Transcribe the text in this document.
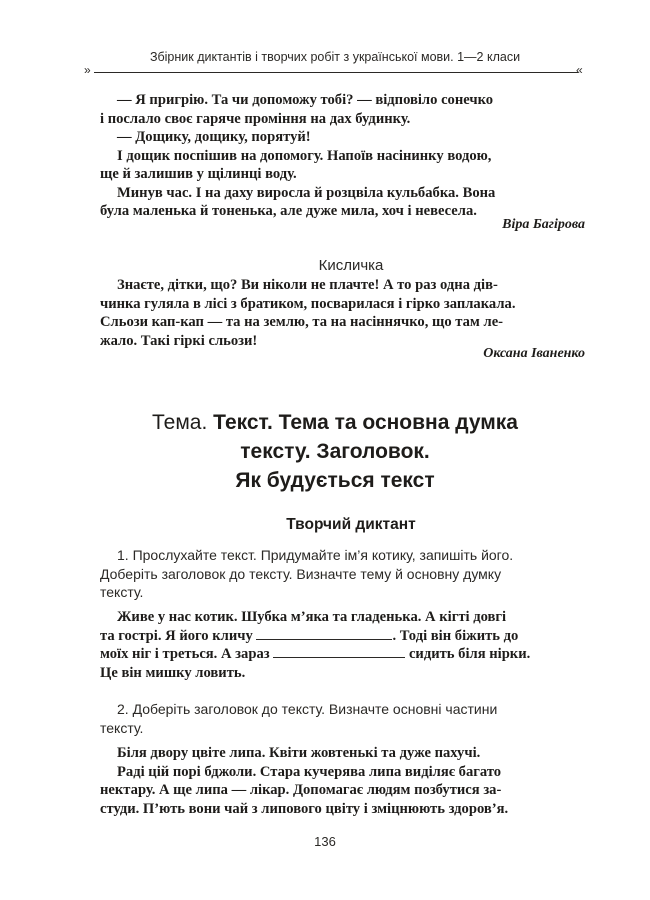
Збірник диктантів і творчих робіт з української мови. 1—2 класи
»	«
— Я пригрію. Та чи допоможу тобі? — відповіло сонечко
і послало своє гаряче проміння на дах будинку.
— Дощику, дощику, порятуй!
І дощик поспішив на допомогу. Напоїв насінинку водою,
ще й залишив у щілинці воду.
Минув час. І на даху виросла й розцвіла кульбабка. Вона
була маленька й тоненька, але дуже мила, хоч і невесела.

Віра Багірова

Кисличка

Знаєте, дітки, що? Ви ніколи не плачте! А то раз одна дів-
чинка гуляла в лісі з братиком, посварилася і гірко заплакала.
Сльози кап-кап — та на землю, та на насіннячко, що там ле-
жало. Такі гіркі сльози!

Оксана Іваненко

Тема. Текст. Тема та основна думка
тексту. Заголовок.
Як будується текст
Творчий диктант
1. Прослухайте текст. Придумайте ім’я котику, запишіть його.
Доберіть заголовок до тексту. Визначте тему й основну думку
тексту.
Живе у нас котик. Шубка м’яка та гладенька. А кігті довгі
та гострі. Я його кличу	. Тоді він біжить до
моїх ніг і треться. А зараз	сидить біля нірки.
Це він мишку ловить.
2. Доберіть заголовок до тексту. Визначте основні частини
тексту.
Біля двору цвіте липа. Квіти жовтенькі та дуже пахучі.
Раді цій порі бджоли. Стара кучерява липа виділяє багато
нектару. А ще липа — лікар. Допомагає людям позбутися за-
студи. П’ють вони чай з липового цвіту і зміцнюють здоров’я.
136
